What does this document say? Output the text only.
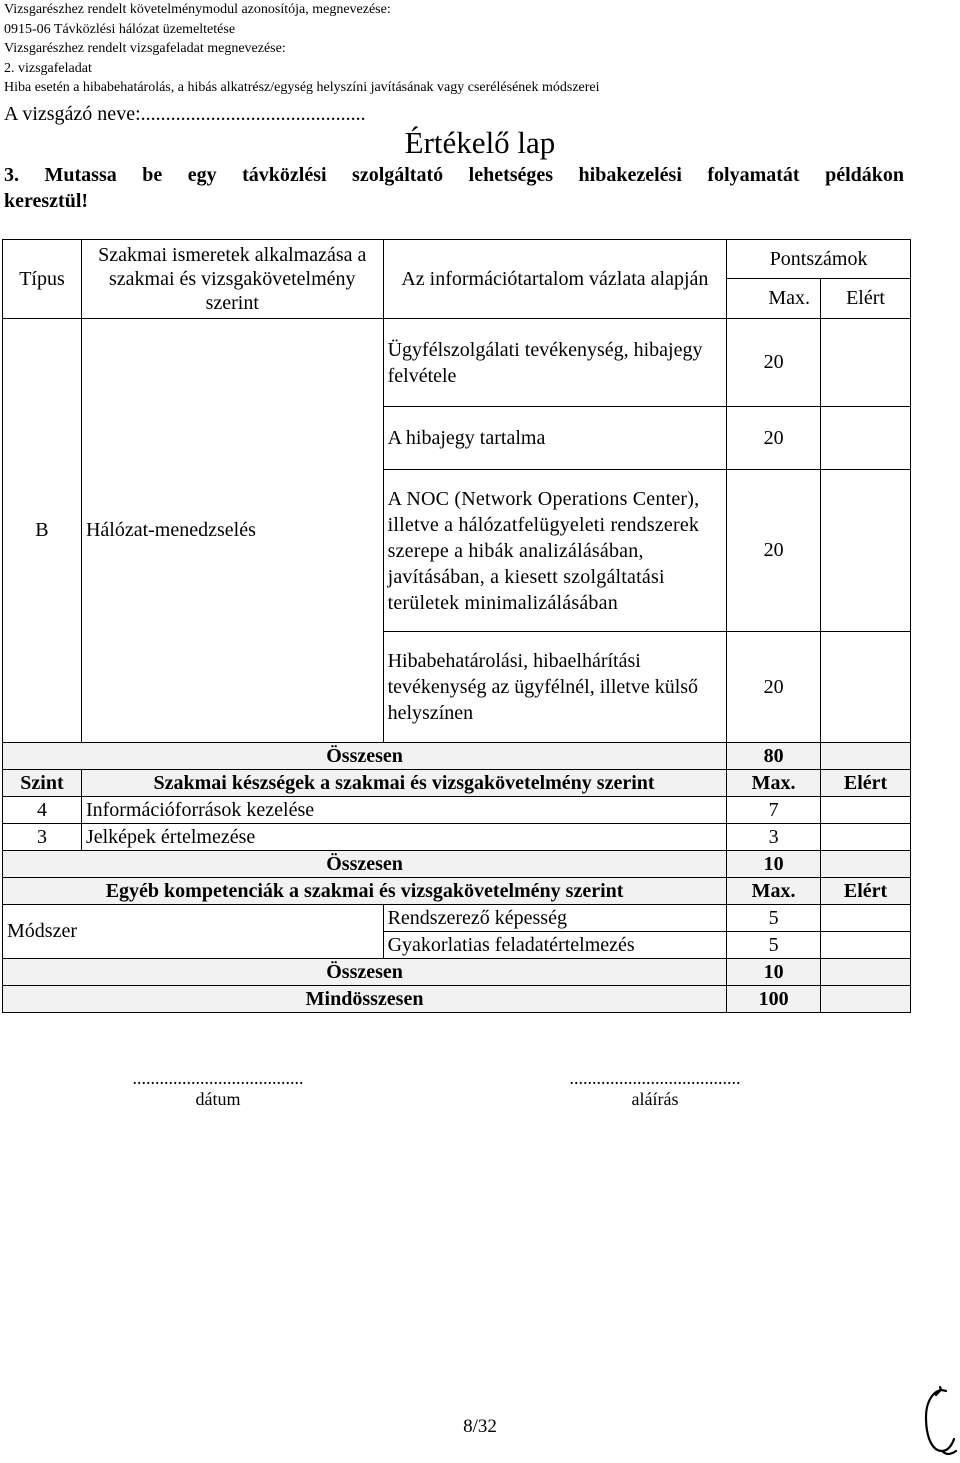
Vizsgarészhez rendelt követelménymodul azonosítója, megnevezése:
0915-06 Távközlési hálózat üzemeltetése
Vizsgarészhez rendelt vizsgafeladat megnevezése:
2. vizsgafeladat
Hiba esetén a hibabehatárolás, a hibás alkatrész/egység helyszíni javításának vagy cserélésének módszerei
A vizsgázó neve:.............................................
Értékelő lap
3. Mutassa be egy távközlési szolgáltató lehetséges hibakezelési folyamatát példákon
keresztül!
Típus	Szakmai ismeretek alkalmazása a szakmai és vizsgakövetelmény szerint	Az információtartalom vázlata alapján	Pontszámok	
			Max.	Elért
B	Hálózat-menedzselés	Ügyfélszolgálati tevékenység, hibajegy felvétele	20	
		A hibajegy tartalma	20	
		A NOC (Network Operations Center), illetve a hálózatfelügyeleti rendszerek szerepe a hibák analizálásában, javításában, a kiesett szolgáltatási területek minimalizálásában	20	
		Hibabehatárolási, hibaelhárítási tevékenység az ügyfélnél, illetve külső helyszínen	20	
Összesen			80	
Szint	Szakmai készségek a szakmai és vizsgakövetelmény szerint		Max.	Elért
4	Információforrások kezelése		7	
3	Jelképek értelmezése		3	
Összesen			10	
Egyéb kompetenciák a szakmai és vizsgakövetelmény szerint			Max.	Elért
Módszer		Rendszerező képesség	5	
		Gyakorlatias feladatértelmezés	5	
Összesen			10	
Mindösszesen			100	
......................................
dátum
......................................
aláírás
8/32
